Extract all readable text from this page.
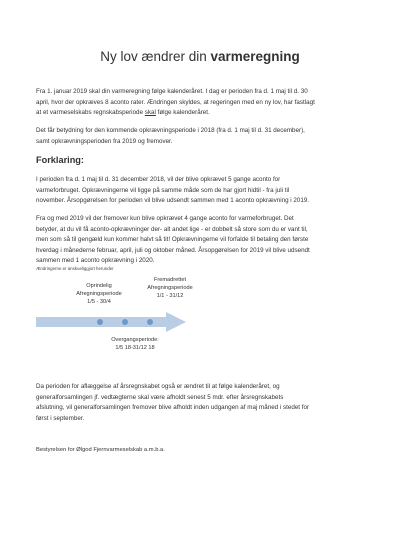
Ny lov ændrer din varmeregning
Fra 1. januar 2019 skal din varmeregning følge kalenderåret. I dag er perioden fra d. 1 maj til d. 30
april, hvor der opkræves 8 aconto rater. Ændringen skyldes, at regeringen med en ny lov, har fastlagt
at et varmeselskabs regnskabsperiode skal følge kalenderåret.
Det får betydning for den kommende opkrævningsperiode i 2018 (fra d. 1 maj til d. 31 december),
samt opkrævningsperioden fra 2019 og fremover.
Forklaring:
I perioden fra d. 1 maj til d. 31 december 2018, vil der blive opkrævet 5 gange aconto for
varmeforbruget. Opkrævningerne vil ligge på samme måde som de har gjort hidtil - fra juli til
november. Årsopgørelsen for perioden vil blive udsendt sammen med 1 aconto opkrævning i 2019.
Fra og med 2019 vil der fremover kun blive opkrævet 4 gange aconto for varmeforbruget. Det
betyder, at du vil få aconto-opkrævninger der- alt andet lige - er dobbelt så store som du er vant til,
men som så til gengæld kun kommer halvt så tit! Opkrævningerne vil forfalde til betaling den første
hverdag i månederne februar, april, juli og oktober måned. Årsopgørelsen for 2019 vil blive udsendt
sammen med 1 aconto opkrævning i 2020.
Ændringerne er anskueliggjort herunder
Oprindelig
Afregningsperiode
1/5 - 30/4
Fremadrettet
Afregningsperiode
1/1 - 31/12
Overgangsperiode:
1/5 18-31/12 18
Da perioden for aflæggelse af årsregnskabet også er ændret til at følge kalenderåret, og
generalforsamlingen jf. vedtægterne skal være afholdt senest 5 mdr. efter årsregnskabets
afslutning, vil generalforsamlingen fremover blive afholdt inden udgangen af maj måned i stedet for
først i september.
Bestyrelsen for Ølgod Fjernvarmeselskab a.m.b.a.
